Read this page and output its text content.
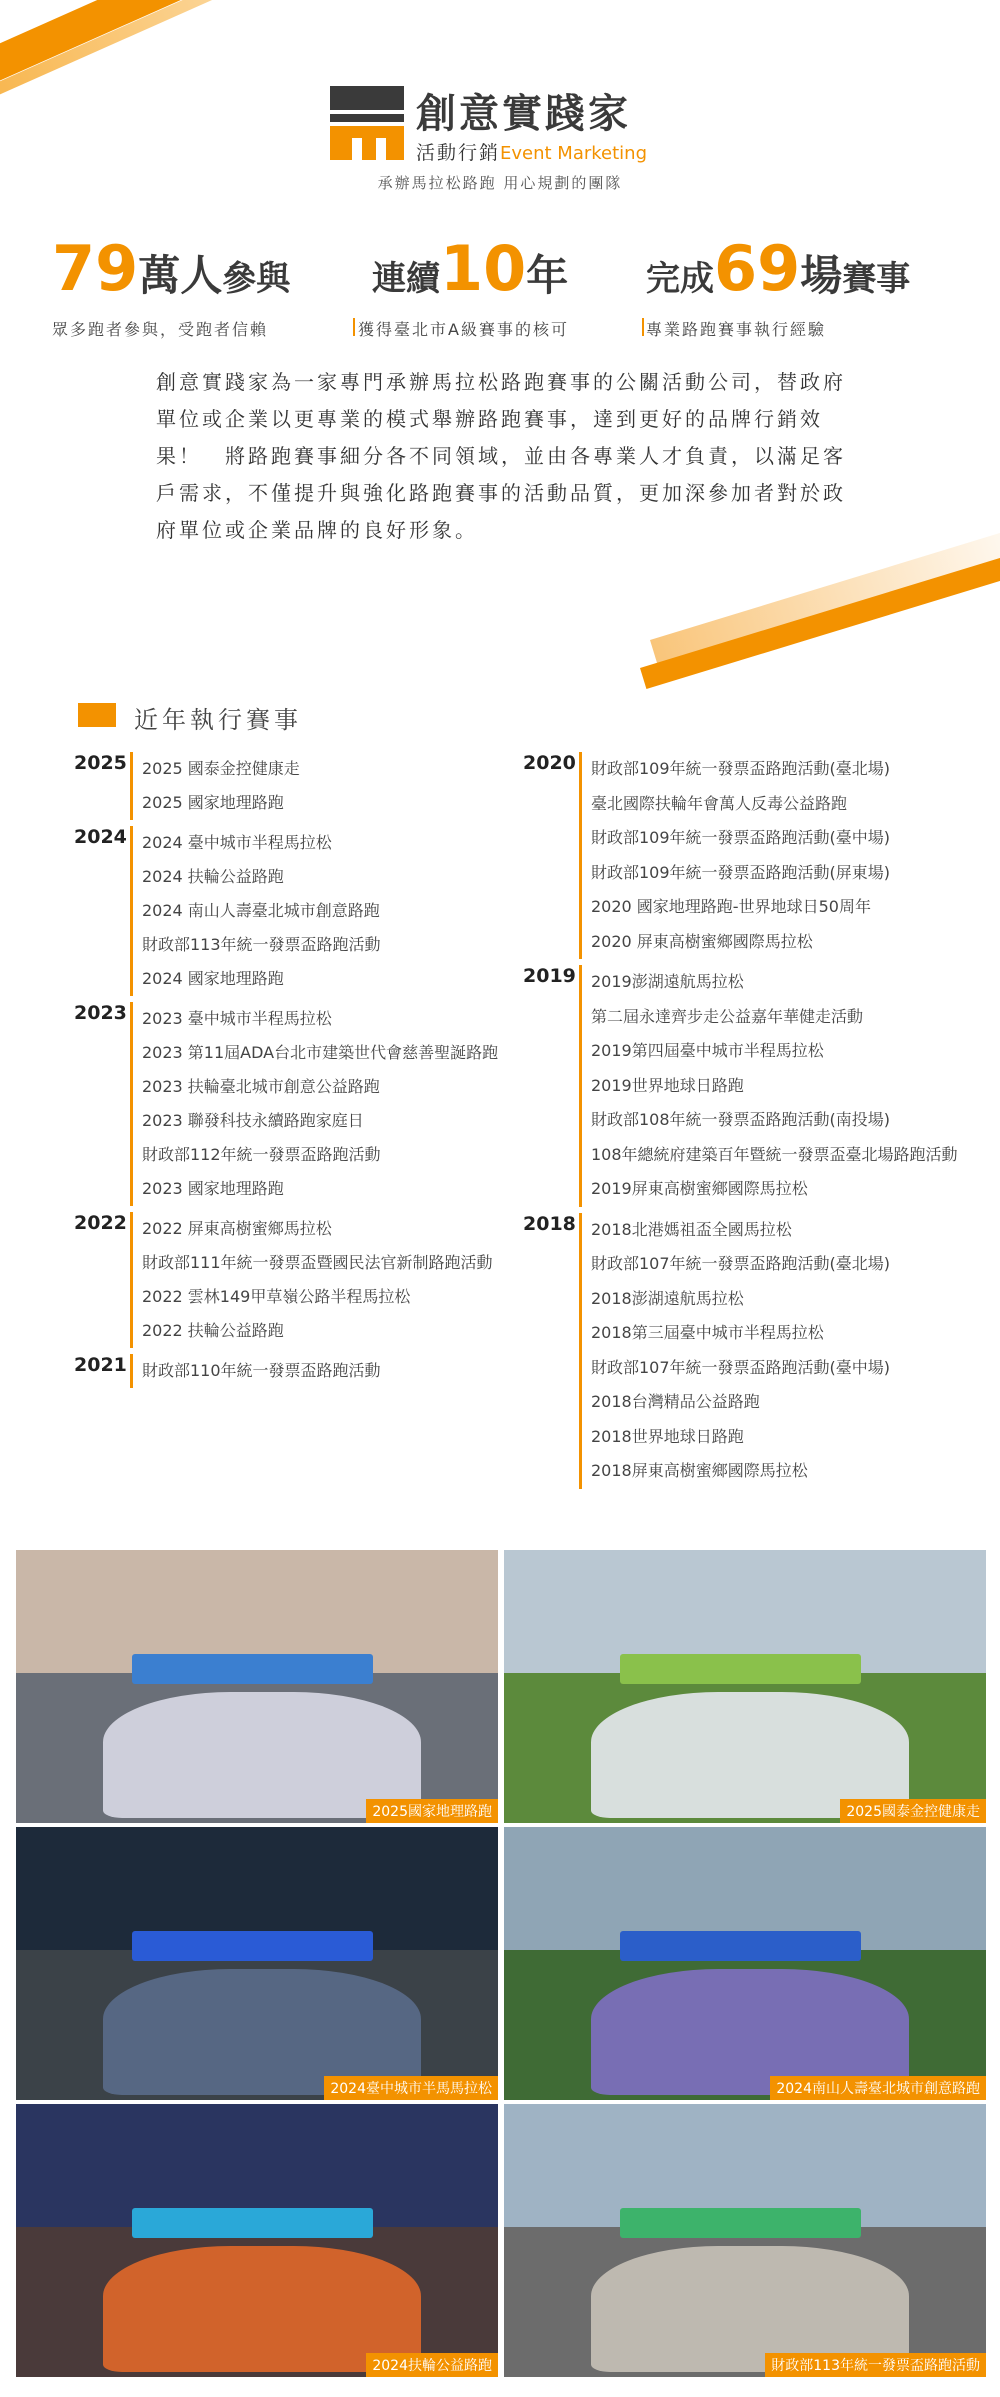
創意實踐家
活動行銷Event Marketing
承辦馬拉松路跑 用心規劃的團隊
79萬人參與 連續10年 完成69場賽事
眾多跑者參與，受跑者信賴	獲得臺北市A級賽事的核可	專業路跑賽事執行經驗
創意實踐家為一家專門承辦馬拉松路跑賽事的公關活動公司，替政府單位或企業以更專業的模式舉辦路跑賽事，達到更好的品牌行銷效果！　將路跑賽事細分各不同領域，並由各專業人才負責，以滿足客戶需求，不僅提升與強化路跑賽事的活動品質，更加深參加者對於政府單位或企業品牌的良好形象。
近年執行賽事
2025 2025 國泰金控健康走
2025 國家地理路跑
2024 2024 臺中城市半程馬拉松
2024 扶輪公益路跑
2024 南山人壽臺北城市創意路跑
財政部113年統一發票盃路跑活動
2024 國家地理路跑
2023 2023 臺中城市半程馬拉松
2023 第11屆ADA台北市建築世代會慈善聖誕路跑
2023 扶輪臺北城市創意公益路跑
2023 聯發科技永續路跑家庭日
財政部112年統一發票盃路跑活動
2023 國家地理路跑
2022 2022 屏東高樹蜜鄉馬拉松
財政部111年統一發票盃暨國民法官新制路跑活動
2022 雲林149甲草嶺公路半程馬拉松
2022 扶輪公益路跑
2021 財政部110年統一發票盃路跑活動
2020 財政部109年統一發票盃路跑活動(臺北場)
臺北國際扶輪年會萬人反毒公益路跑
財政部109年統一發票盃路跑活動(臺中場)
財政部109年統一發票盃路跑活動(屏東場)
2020 國家地理路跑-世界地球日50周年
2020 屏東高樹蜜鄉國際馬拉松
2019 2019澎湖遠航馬拉松
第二屆永達齊步走公益嘉年華健走活動
2019第四屆臺中城市半程馬拉松
2019世界地球日路跑
財政部108年統一發票盃路跑活動(南投場)
108年總統府建築百年暨統一發票盃臺北場路跑活動
2019屏東高樹蜜鄉國際馬拉松
2018 2018北港媽祖盃全國馬拉松
財政部107年統一發票盃路跑活動(臺北場)
2018澎湖遠航馬拉松
2018第三屆臺中城市半程馬拉松
財政部107年統一發票盃路跑活動(臺中場)
2018台灣精品公益路跑
2018世界地球日路跑
2018屏東高樹蜜鄉國際馬拉松
2025國家地理路跑	2025國泰金控健康走
2024臺中城市半馬馬拉松	2024南山人壽臺北城市創意路跑
2024扶輪公益路跑	財政部113年統一發票盃路跑活動
